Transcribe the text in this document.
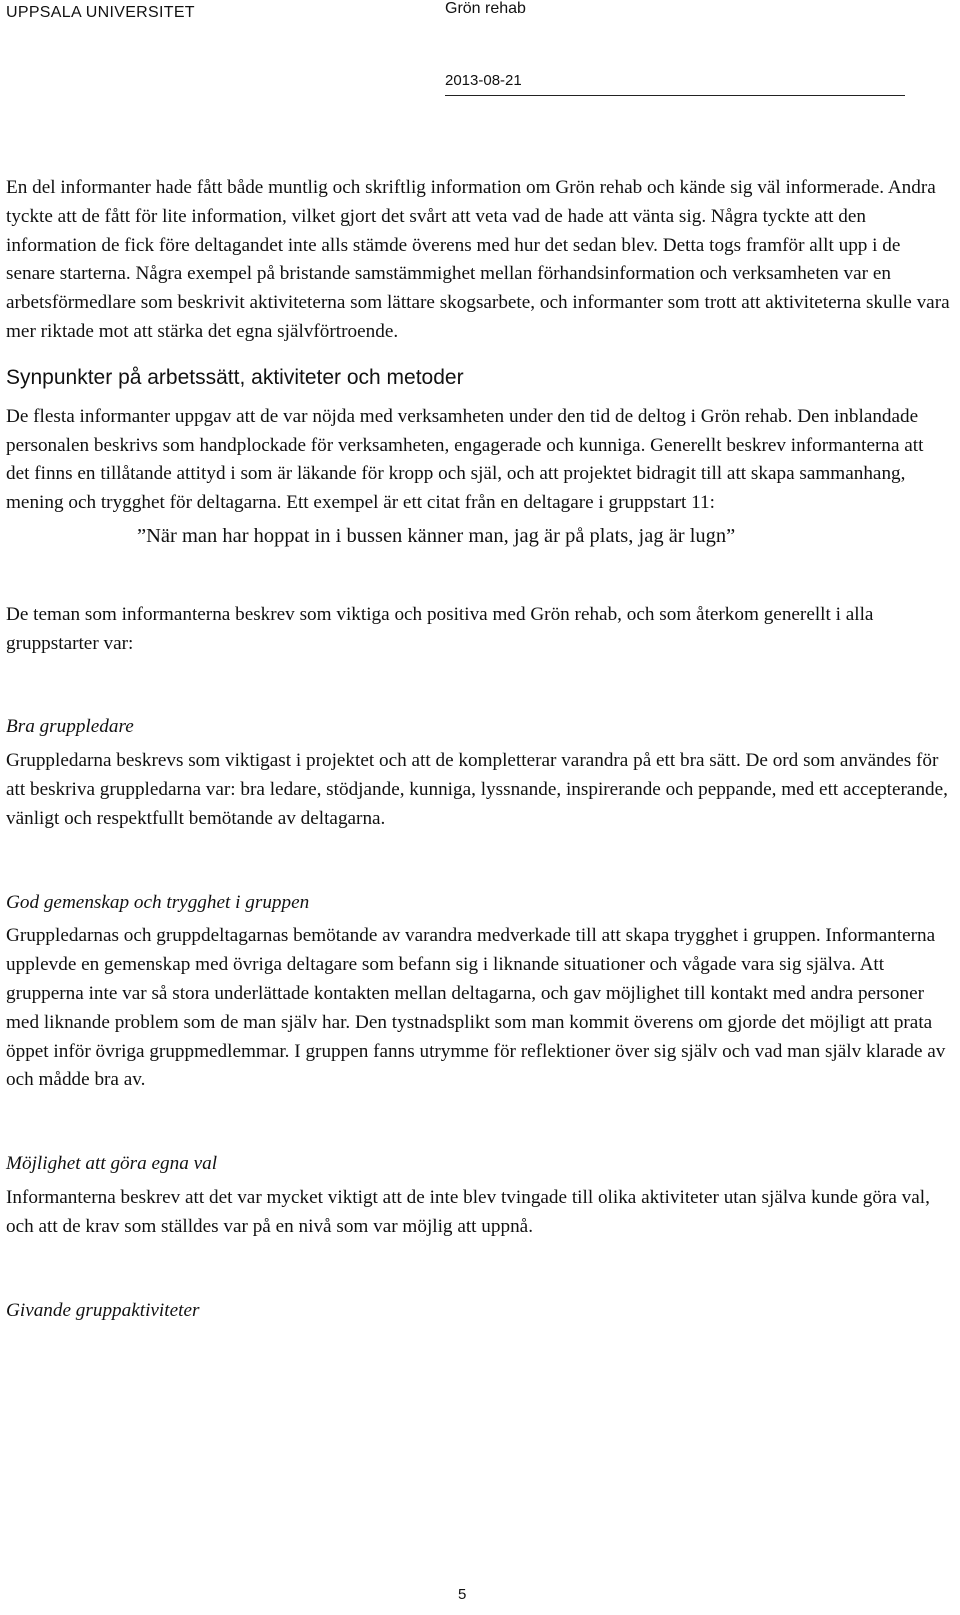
UPPSALA UNIVERSITET	Grön rehab
2013-08-21

En del informanter hade fått både muntlig och skriftlig information om Grön rehab och kände sig väl informerade. Andra tyckte att de fått för lite information, vilket gjort det svårt att veta vad de hade att vänta sig. Några tyckte att den information de fick före deltagandet inte alls stämde överens med hur det sedan blev. Detta togs framför allt upp i de senare starterna. Några exempel på bristande samstämmighet mellan förhandsinformation och verksamheten var en arbetsförmedlare som beskrivit aktiviteterna som lättare skogsarbete, och informanter som trott att aktiviteterna skulle vara mer riktade mot att stärka det egna självförtroende.

Synpunkter på arbetssätt, aktiviteter och metoder

De flesta informanter uppgav att de var nöjda med verksamheten under den tid de deltog i Grön rehab. Den inblandade personalen beskrivs som handplockade för verksamheten, engagerade och kunniga. Generellt beskrev informanterna att det finns en tillåtande attityd i som är läkande för kropp och själ, och att projektet bidragit till att skapa sammanhang, mening och trygghet för deltagarna. Ett exempel är ett citat från en deltagare i gruppstart 11:

”När man har hoppat in i bussen känner man, jag är på plats, jag är lugn”

De teman som informanterna beskrev som viktiga och positiva med Grön rehab, och som återkom generellt i alla gruppstarter var:

Bra gruppledare

Gruppledarna beskrevs som viktigast i projektet och att de kompletterar varandra på ett bra sätt. De ord som användes för att beskriva gruppledarna var: bra ledare, stödjande, kunniga, lyssnande, inspirerande och peppande, med ett accepterande, vänligt och respektfullt bemötande av deltagarna.

God gemenskap och trygghet i gruppen

Gruppledarnas och gruppdeltagarnas bemötande av varandra medverkade till att skapa trygghet i gruppen. Informanterna upplevde en gemenskap med övriga deltagare som befann sig i liknande situationer och vågade vara sig själva. Att grupperna inte var så stora underlättade kontakten mellan deltagarna, och gav möjlighet till kontakt med andra personer med liknande problem som de man själv har. Den tystnadsplikt som man kommit överens om gjorde det möjligt att prata öppet inför övriga gruppmedlemmar. I gruppen fanns utrymme för reflektioner över sig själv och vad man själv klarade av och mådde bra av.

Möjlighet att göra egna val

Informanterna beskrev att det var mycket viktigt att de inte blev tvingade till olika aktiviteter utan själva kunde göra val, och att de krav som ställdes var på en nivå som var möjlig att uppnå.

Givande gruppaktiviteter
5
